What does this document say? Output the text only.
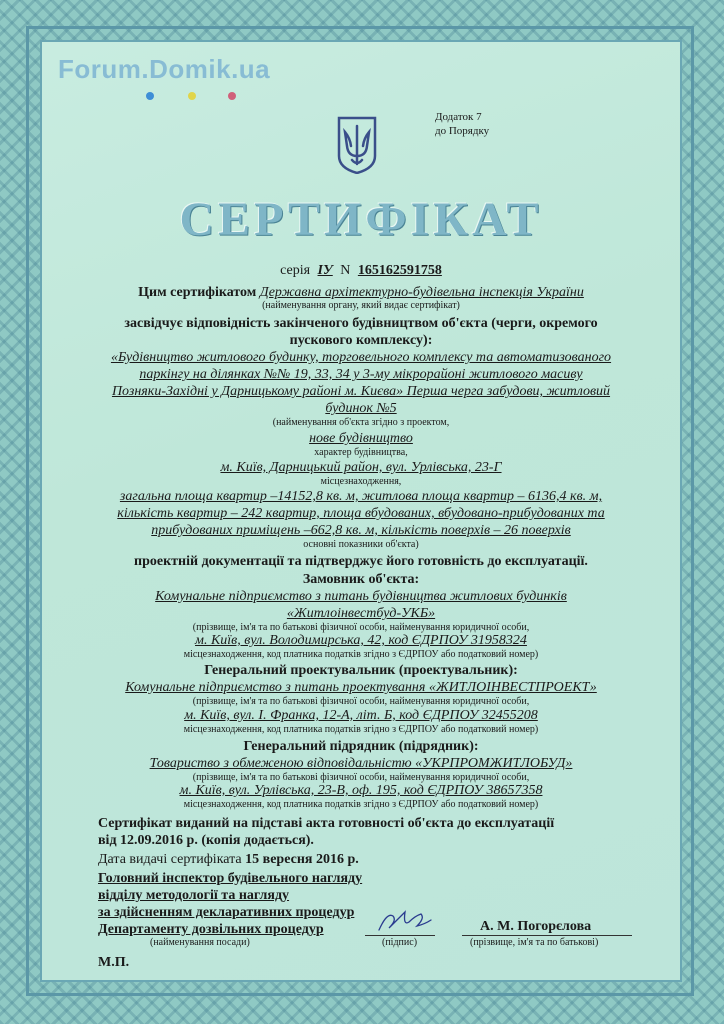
Forum.Domik.ua
Додаток 7
до Порядку
СЕРТИФІКАТ
серія ІУ N 165162591758
Цим сертифікатом Державна архітектурно-будівельна інспекція України
(найменування органу, який видає сертифікат)
засвідчує відповідність закінченого будівництвом об'єкта (черги, окремого
пускового комплексу):
«Будівництво житлового будинку, торговельного комплексу та автоматизованого
паркінгу на ділянках №№ 19, 33, 34 у 3-му мікрорайоні житлового масиву
Позняки-Західні у Дарницькому районі м. Києва» Перша черга забудови, житловий
будинок №5
(найменування об'єкта згідно з проектом,
нове будівництво
характер будівництва,
м. Київ, Дарницький район, вул. Урлівська, 23-Г
місцезнаходження,
загальна площа квартир –14152,8 кв. м, житлова площа квартир – 6136,4 кв. м,
кількість квартир – 242 квартир, площа вбудованих, вбудовано-прибудованих та
прибудованих приміщень –662,8 кв. м, кількість поверхів – 26 поверхів
основні показники об'єкта)
проектній документації та підтверджує його готовність до експлуатації.
Замовник об'єкта:
Комунальне підприємство з питань будівництва житлових будинків
«Житлоінвестбуд-УКБ»
(прізвище, ім'я та по батькові фізичної особи, найменування юридичної особи,
м. Київ, вул. Володимирська, 42, код ЄДРПОУ 31958324
місцезнаходження, код платника податків згідно з ЄДРПОУ або податковий номер)
Генеральний проектувальник (проектувальник):
Комунальне підприємство з питань проектування «ЖИТЛОІНВЕСТПРОЕКТ»
(прізвище, ім'я та по батькові фізичної особи, найменування юридичної особи,
м. Київ, вул. І. Франка, 12-А, літ. Б, код ЄДРПОУ 32455208
місцезнаходження, код платника податків згідно з ЄДРПОУ або податковий номер)
Генеральний підрядник (підрядник):
Товариство з обмеженою відповідальністю «УКРПРОМЖИТЛОБУД»
(прізвище, ім'я та по батькові фізичної особи, найменування юридичної особи,
м. Київ, вул. Урлівська, 23-В, оф. 195, код ЄДРПОУ 38657358
місцезнаходження, код платника податків згідно з ЄДРПОУ або податковий номер)
Сертифікат виданий на підставі акта готовності об'єкта до експлуатації
від 12.09.2016 р. (копія додається).
Дата видачі сертифіката 15 вересня 2016 р.
Головний інспектор будівельного нагляду
відділу методології та нагляду
за здійсненням декларативних процедур
Департаменту дозвільних процедур	А. М. Погорєлова
(найменування посади)	(підпис)	(прізвище, ім'я та по батькові)
М.П.
